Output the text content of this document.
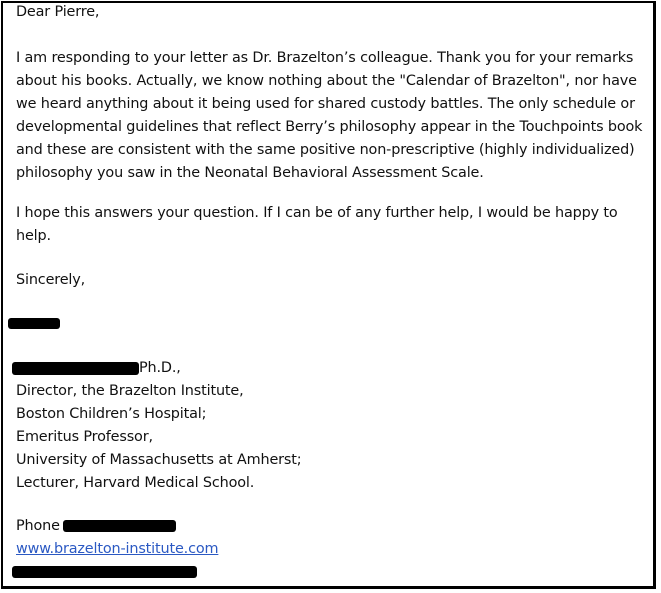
Dear Pierre,
I am responding to your letter as Dr. Brazelton’s colleague. Thank you for your remarks
about his books. Actually, we know nothing about the "Calendar of Brazelton", nor have
we heard anything about it being used for shared custody battles. The only schedule or
developmental guidelines that reflect Berry’s philosophy appear in the Touchpoints book
and these are consistent with the same positive non-prescriptive (highly individualized)
philosophy you saw in the Neonatal Behavioral Assessment Scale.
I hope this answers your question. If I can be of any further help, I would be happy to
help.
Sincerely,
Ph.D.,
Director, the Brazelton Institute,
Boston Children’s Hospital;
Emeritus Professor,
University of Massachusetts at Amherst;
Lecturer, Harvard Medical School.
Phone
www.brazelton-institute.com
